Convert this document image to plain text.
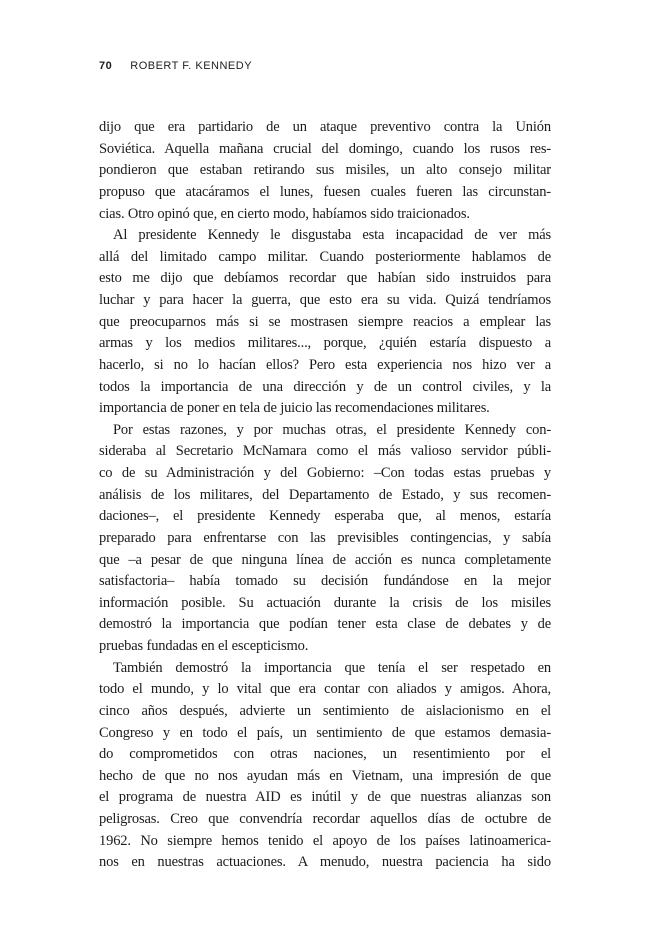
70 ROBERT F. KENNEDY

dijo que era partidario de un ataque preventivo contra la Unión
Soviética. Aquella mañana crucial del domingo, cuando los rusos res-
pondieron que estaban retirando sus misiles, un alto consejo militar
propuso que atacáramos el lunes, fuesen cuales fueren las circunstan-
cias. Otro opinó que, en cierto modo, habíamos sido traicionados.

Al presidente Kennedy le disgustaba esta incapacidad de ver más
allá del limitado campo militar. Cuando posteriormente hablamos de
esto me dijo que debíamos recordar que habían sido instruidos para
luchar y para hacer la guerra, que esto era su vida. Quizá tendríamos
que preocuparnos más si se mostrasen siempre reacios a emplear las
armas y los medios militares..., porque, ¿quién estaría dispuesto a
hacerlo, si no lo hacían ellos? Pero esta experiencia nos hizo ver a
todos la importancia de una dirección y de un control civiles, y la
importancia de poner en tela de juicio las recomendaciones militares.

Por estas razones, y por muchas otras, el presidente Kennedy con-
sideraba al Secretario McNamara como el más valioso servidor públi-
co de su Administración y del Gobierno: –Con todas estas pruebas y
análisis de los militares, del Departamento de Estado, y sus recomen-
daciones–, el presidente Kennedy esperaba que, al menos, estaría
preparado para enfrentarse con las previsibles contingencias, y sabía
que –a pesar de que ninguna línea de acción es nunca completamente
satisfactoria– había tomado su decisión fundándose en la mejor
información posible. Su actuación durante la crisis de los misiles
demostró la importancia que podían tener esta clase de debates y de
pruebas fundadas en el escepticismo.

También demostró la importancia que tenía el ser respetado en
todo el mundo, y lo vital que era contar con aliados y amigos. Ahora,
cinco años después, advierte un sentimiento de aislacionismo en el
Congreso y en todo el país, un sentimiento de que estamos demasia-
do comprometidos con otras naciones, un resentimiento por el
hecho de que no nos ayudan más en Vietnam, una impresión de que
el programa de nuestra AID es inútil y de que nuestras alianzas son
peligrosas. Creo que convendría recordar aquellos días de octubre de
1962. No siempre hemos tenido el apoyo de los países latinoamerica-
nos en nuestras actuaciones. A menudo, nuestra paciencia ha sido
